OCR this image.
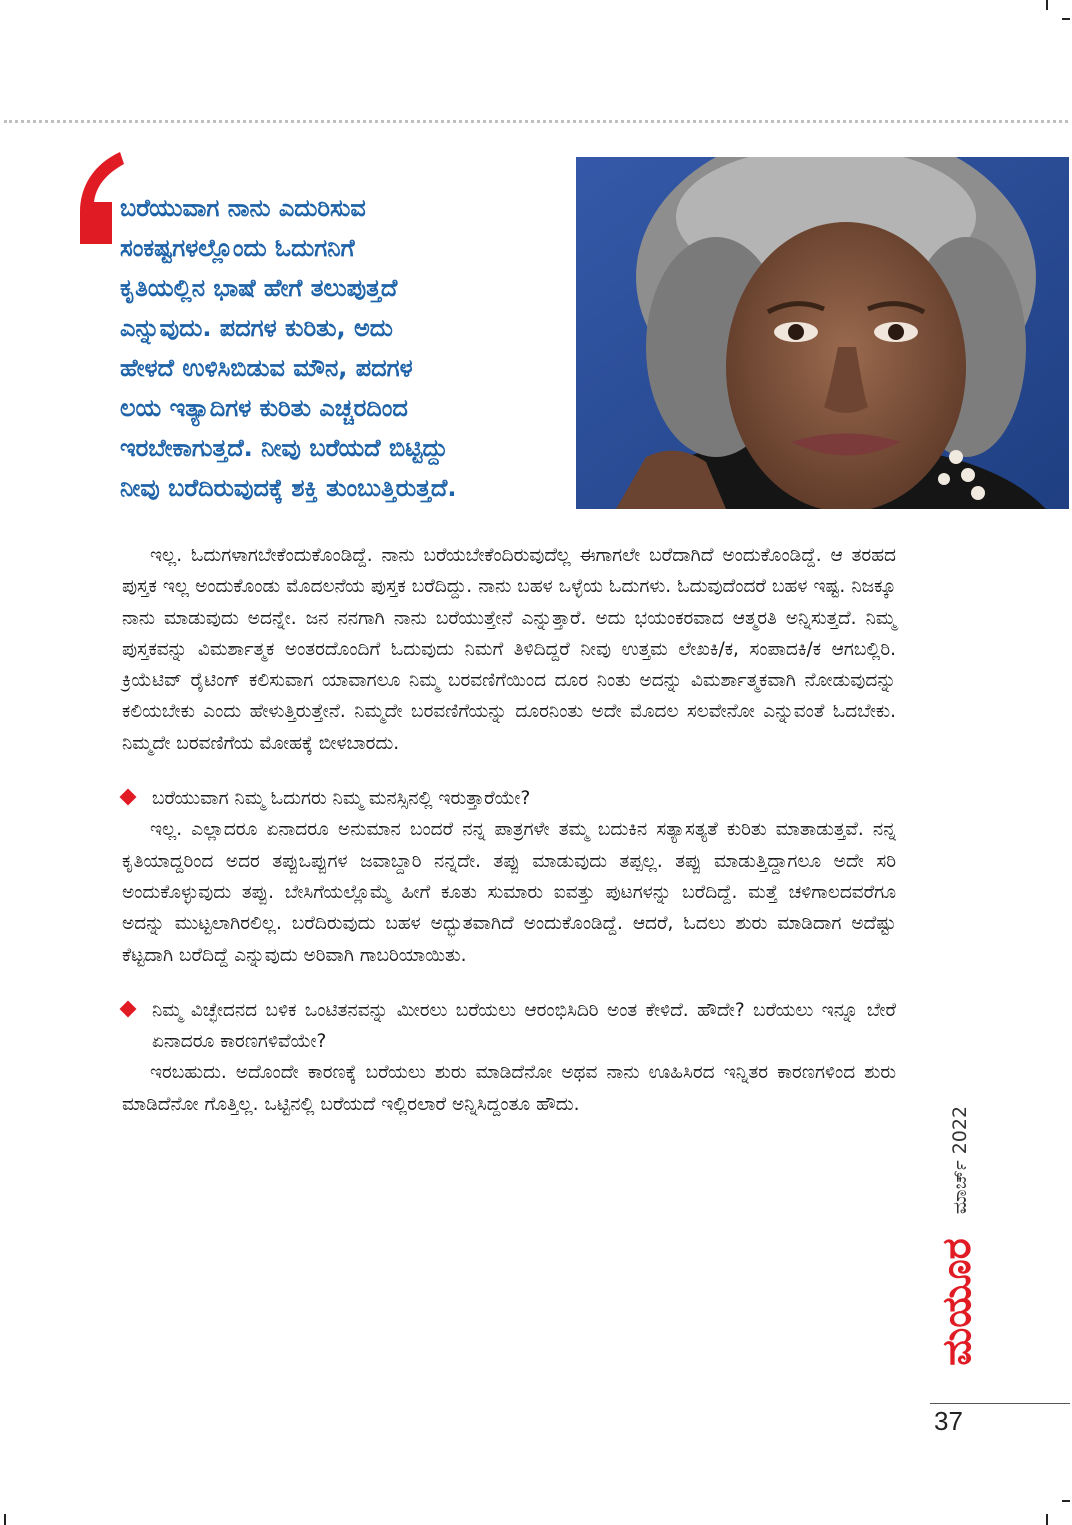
ಬರೆಯುವಾಗ ನಾನು ಎದುರಿಸುವ
ಸಂಕಷ್ಟಗಳಲ್ಲೊಂದು ಓದುಗನಿಗೆ
ಕೃತಿಯಲ್ಲಿನ ಭಾಷೆ ಹೇಗೆ ತಲುಪುತ್ತದೆ
ಎನ್ನುವುದು. ಪದಗಳ ಕುರಿತು, ಅದು
ಹೇಳದೆ ಉಳಿಸಿಬಿಡುವ ಮೌನ, ಪದಗಳ
ಲಯ ಇತ್ಯಾದಿಗಳ ಕುರಿತು ಎಚ್ಚರದಿಂದ
ಇರಬೇಕಾಗುತ್ತದೆ. ನೀವು ಬರೆಯದೆ ಬಿಟ್ಟಿದ್ದು
ನೀವು ಬರೆದಿರುವುದಕ್ಕೆ ಶಕ್ತಿ ತುಂಬುತ್ತಿರುತ್ತದೆ.

ಇಲ್ಲ. ಓದುಗಳಾಗಬೇಕೆಂದುಕೊಂಡಿದ್ದೆ. ನಾನು ಬರೆಯಬೇಕೆಂದಿರುವುದೆಲ್ಲ ಈಗಾಗಲೇ ಬರೆದಾಗಿದೆ ಅಂದುಕೊಂಡಿದ್ದೆ. ಆ ತರಹದ ಪುಸ್ತಕ ಇಲ್ಲ ಅಂದುಕೊಂಡು ಮೊದಲನೆಯ ಪುಸ್ತಕ ಬರೆದಿದ್ದು. ನಾನು ಬಹಳ ಒಳ್ಳೆಯ ಓದುಗಳು. ಓದುವುದೆಂದರೆ ಬಹಳ ಇಷ್ಟ. ನಿಜಕ್ಕೂ ನಾನು ಮಾಡುವುದು ಅದನ್ನೇ. ಜನ ನನಗಾಗಿ ನಾನು ಬರೆಯುತ್ತೇನೆ ಎನ್ನುತ್ತಾರೆ. ಅದು ಭಯಂಕರವಾದ ಆತ್ಮರತಿ ಅನ್ನಿಸುತ್ತದೆ. ನಿಮ್ಮ ಪುಸ್ತಕವನ್ನು ವಿಮರ್ಶಾತ್ಮಕ ಅಂತರದೊಂದಿಗೆ ಓದುವುದು ನಿಮಗೆ ತಿಳಿದಿದ್ದರೆ ನೀವು ಉತ್ತಮ ಲೇಖಕಿ/ಕ, ಸಂಪಾದಕಿ/ಕ ಆಗಬಲ್ಲಿರಿ. ಕ್ರಿಯೆಟಿವ್ ರೈಟಿಂಗ್ ಕಲಿಸುವಾಗ ಯಾವಾಗಲೂ ನಿಮ್ಮ ಬರವಣಿಗೆಯಿಂದ ದೂರ ನಿಂತು ಅದನ್ನು ವಿಮರ್ಶಾತ್ಮಕವಾಗಿ ನೋಡುವುದನ್ನು ಕಲಿಯಬೇಕು ಎಂದು ಹೇಳುತ್ತಿರುತ್ತೇನೆ. ನಿಮ್ಮದೇ ಬರವಣಿಗೆಯನ್ನು ದೂರನಿಂತು ಅದೇ ಮೊದಲ ಸಲವೇನೋ ಎನ್ನುವಂತೆ ಓದಬೇಕು. ನಿಮ್ಮದೇ ಬರವಣಿಗೆಯ ಮೋಹಕ್ಕೆ ಬೀಳಬಾರದು.

ಬರೆಯುವಾಗ ನಿಮ್ಮ ಓದುಗರು ನಿಮ್ಮ ಮನಸ್ಸಿನಲ್ಲಿ ಇರುತ್ತಾರೆಯೇ?

ಇಲ್ಲ. ಎಲ್ಲಾದರೂ ಏನಾದರೂ ಅನುಮಾನ ಬಂದರೆ ನನ್ನ ಪಾತ್ರಗಳೇ ತಮ್ಮ ಬದುಕಿನ ಸತ್ಯಾಸತ್ಯತೆ ಕುರಿತು ಮಾತಾಡುತ್ತವೆ. ನನ್ನ ಕೃತಿಯಾದ್ದರಿಂದ ಅದರ ತಪ್ಪುಒಪ್ಪುಗಳ ಜವಾಬ್ದಾರಿ ನನ್ನದೇ. ತಪ್ಪು ಮಾಡುವುದು ತಪ್ಪಲ್ಲ. ತಪ್ಪು ಮಾಡುತ್ತಿದ್ದಾಗಲೂ ಅದೇ ಸರಿ ಅಂದುಕೊಳ್ಳುವುದು ತಪ್ಪು. ಬೇಸಿಗೆಯಲ್ಲೊಮ್ಮೆ ಹೀಗೆ ಕೂತು ಸುಮಾರು ಐವತ್ತು ಪುಟಗಳನ್ನು ಬರೆದಿದ್ದೆ. ಮತ್ತೆ ಚಳಿಗಾಲದವರೆಗೂ ಅದನ್ನು ಮುಟ್ಟಲಾಗಿರಲಿಲ್ಲ. ಬರೆದಿರುವುದು ಬಹಳ ಅದ್ಭುತವಾಗಿದೆ ಅಂದುಕೊಂಡಿದ್ದೆ. ಆದರೆ, ಓದಲು ಶುರು ಮಾಡಿದಾಗ ಅದೆಷ್ಟು ಕೆಟ್ಟದಾಗಿ ಬರೆದಿದ್ದೆ ಎನ್ನುವುದು ಅರಿವಾಗಿ ಗಾಬರಿಯಾಯಿತು.

ನಿಮ್ಮ ವಿಚ್ಛೇದನದ ಬಳಿಕ ಒಂಟಿತನವನ್ನು ಮೀರಲು ಬರೆಯಲು ಆರಂಭಿಸಿದಿರಿ ಅಂತ ಕೇಳಿದೆ. ಹೌದೇ? ಬರೆಯಲು ಇನ್ನೂ ಬೇರೆ ಏನಾದರೂ ಕಾರಣಗಳಿವೆಯೇ?

ಇರಬಹುದು. ಅದೊಂದೇ ಕಾರಣಕ್ಕೆ ಬರೆಯಲು ಶುರು ಮಾಡಿದೆನೋ ಅಥವ ನಾನು ಊಹಿಸಿರದ ಇನ್ನಿತರ ಕಾರಣಗಳಿಂದ ಶುರು ಮಾಡಿದೆನೋ ಗೊತ್ತಿಲ್ಲ. ಒಟ್ಟಿನಲ್ಲಿ ಬರೆಯದೆ ಇಲ್ಲಿರಲಾರೆ ಅನ್ನಿಸಿದ್ದಂತೂ ಹೌದು.

ಮಾರ್ಚ್ 2022
ಮಯೂರ
37
